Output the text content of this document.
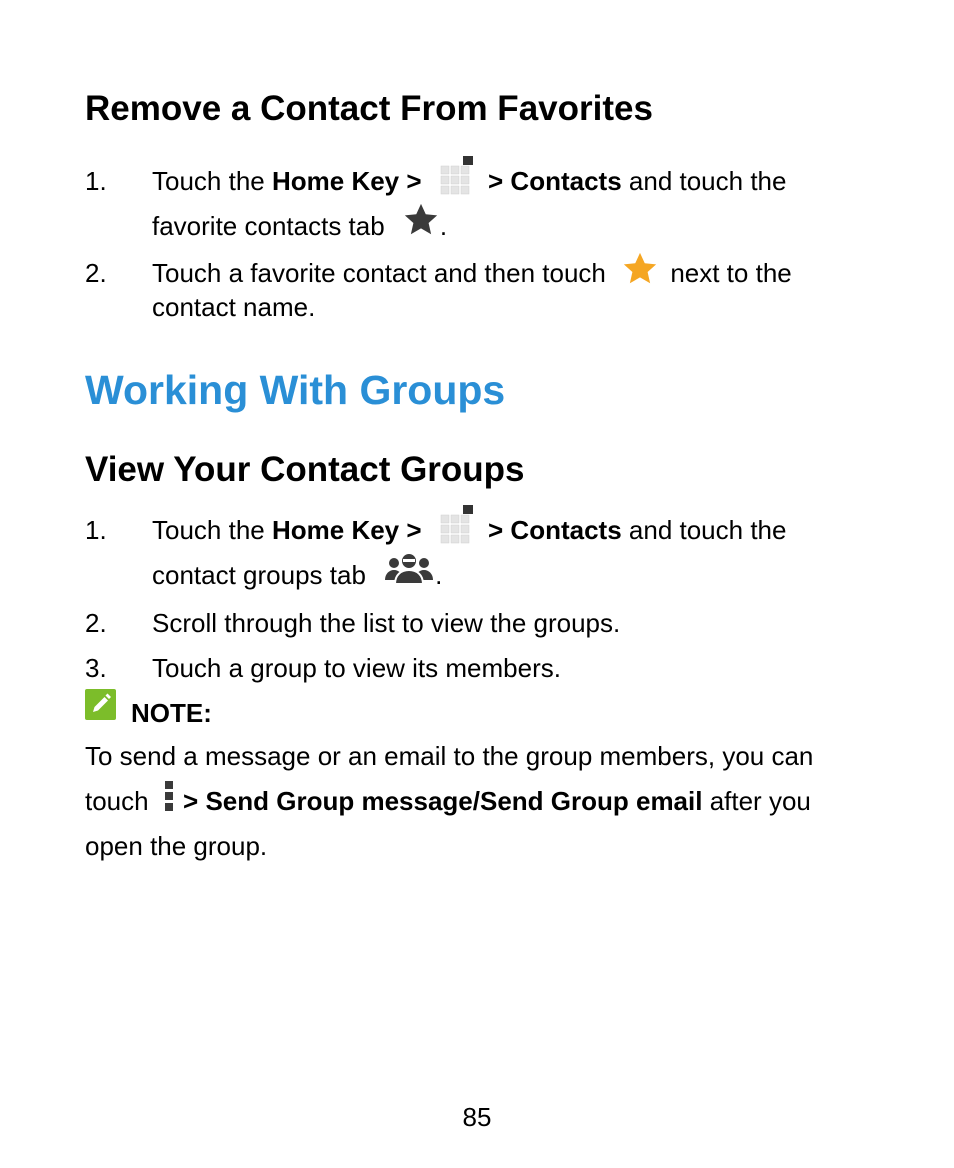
Remove a Contact From Favorites
1. Touch the Home Key >  > Contacts and touch the
favorite contacts tab .
2. Touch a favorite contact and then touch  next to the
contact name.
Working With Groups
View Your Contact Groups
1. Touch the Home Key >  > Contacts and touch the
contact groups tab .
2. Scroll through the list to view the groups.
3. Touch a group to view its members.
NOTE:
To send a message or an email to the group members, you can
touch  > Send Group message/Send Group email after you
open the group.
85
